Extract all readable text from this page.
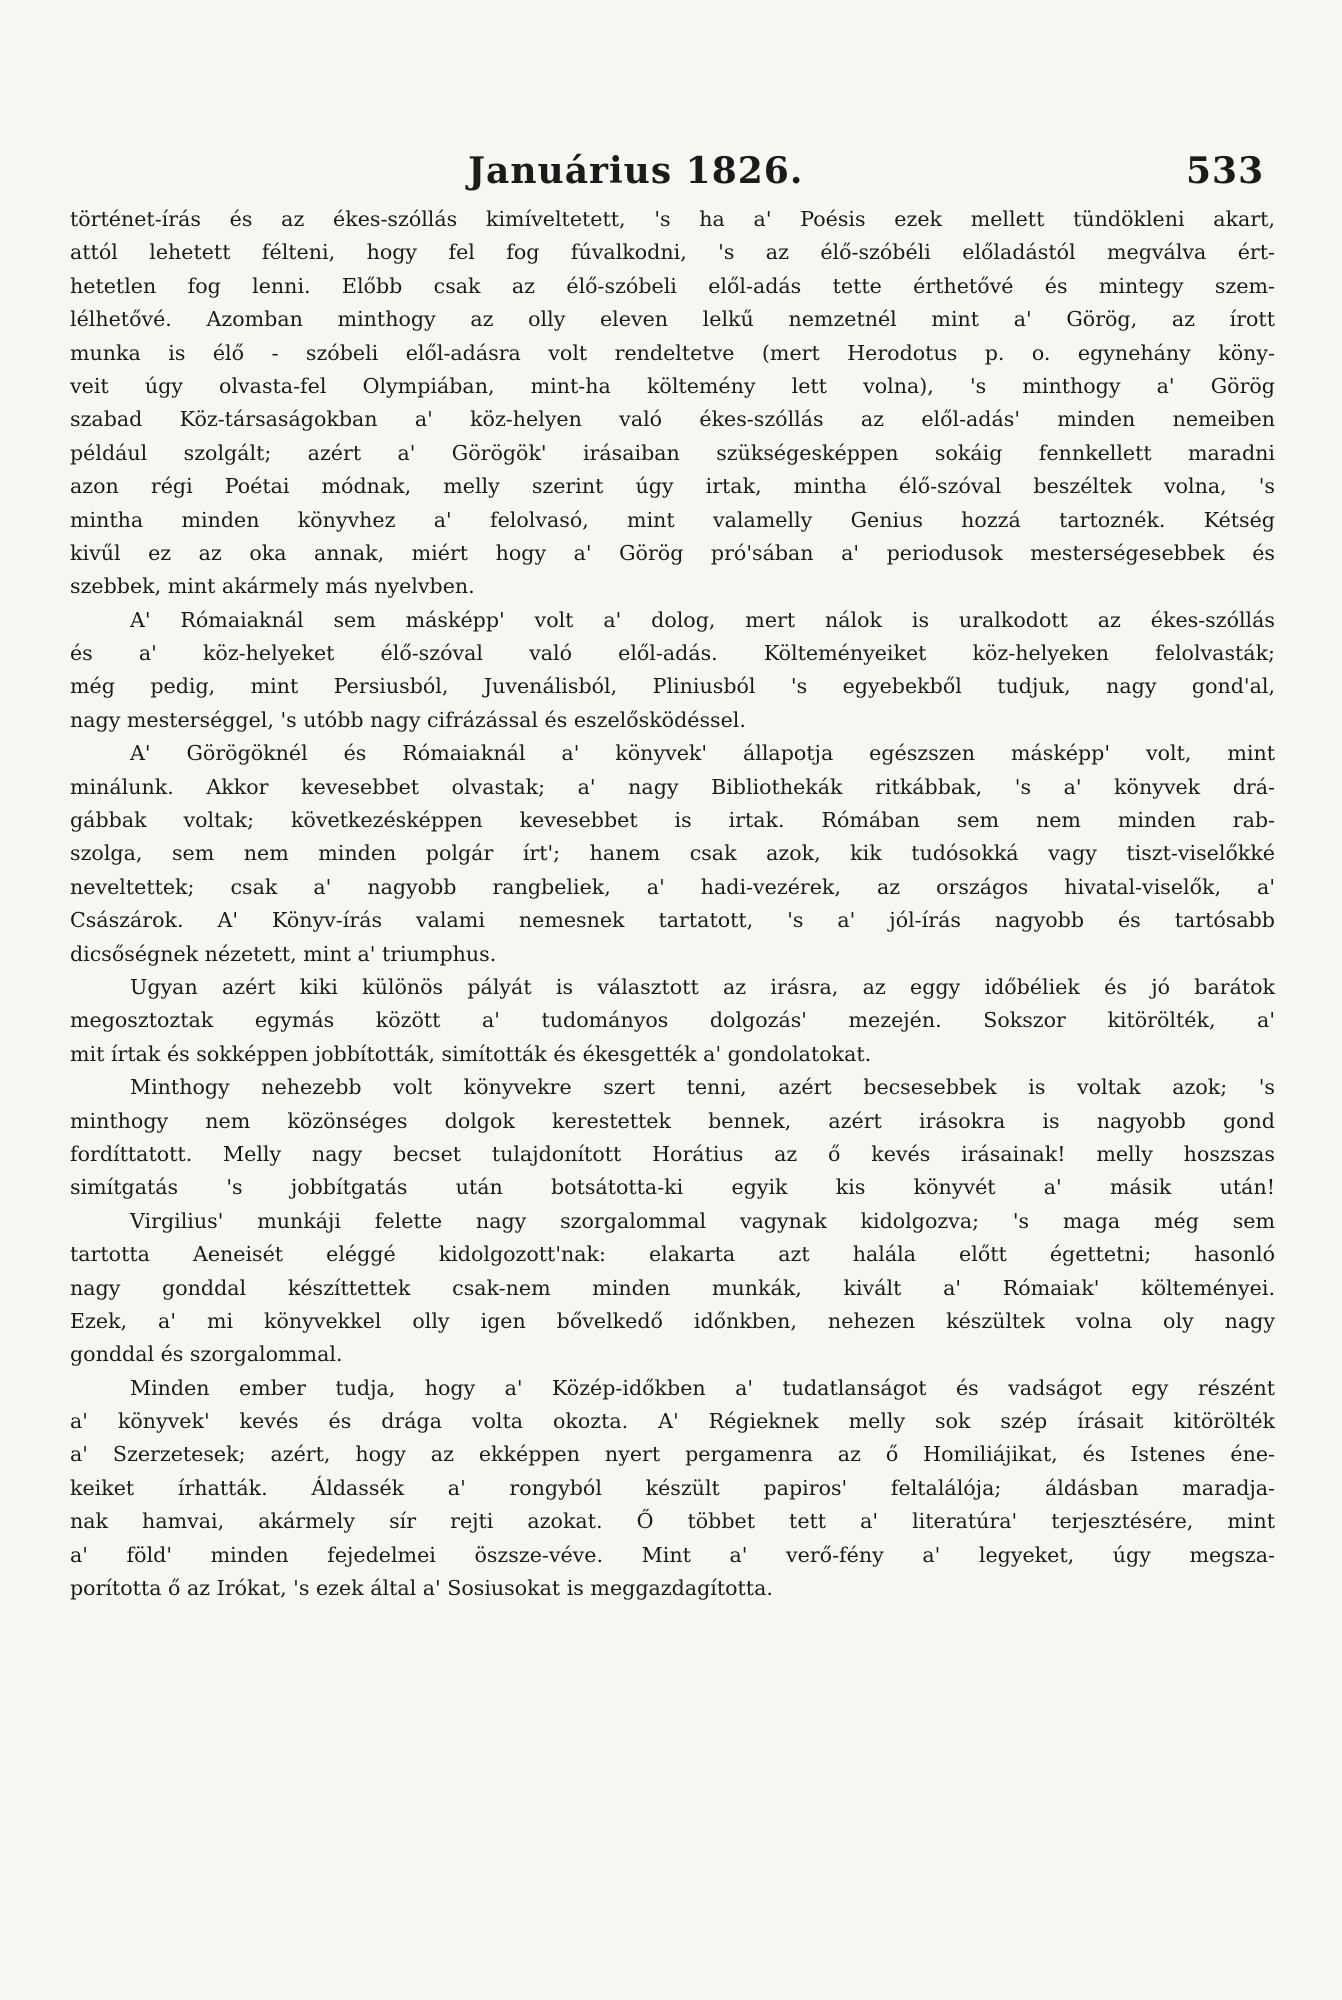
Januárius 1826.	533
történet-írás és az ékes-szóllás kimíveltetett, 's ha a' Poésis ezek mellett tündökleni akart,
attól lehetett félteni, hogy fel fog fúvalkodni, 's az élő-szóbéli előladástól megválva ért-
hetetlen fog lenni. Előbb csak az élő-szóbeli elől-adás tette érthetővé és mintegy szem-
lélhetővé. Azomban minthogy az olly eleven lelkű nemzetnél mint a' Görög, az írott
munka is élő - szóbeli elől-adásra volt rendeltetve (mert Herodotus p. o. egynehány köny-
veit úgy olvasta-fel Olympiában, mint-ha költemény lett volna), 's minthogy a' Görög
szabad Köz-társaságokban a' köz-helyen való ékes-szóllás az elől-adás' minden nemeiben
például szolgált; azért a' Görögök' irásaiban szükségesképpen sokáig fennkellett maradni
azon régi Poétai módnak, melly szerint úgy irtak, mintha élő-szóval beszéltek volna, 's
mintha minden könyvhez a' felolvasó, mint valamelly Genius hozzá tartoznék. Kétség
kivűl ez az oka annak, miért hogy a' Görög pró'sában a' periodusok mesterségesebbek és
szebbek, mint akármely más nyelvben.
A' Rómaiaknál sem másképp' volt a' dolog, mert nálok is uralkodott az ékes-szóllás
és a' köz-helyeket élő-szóval való elől-adás. Költeményeiket köz-helyeken felolvasták;
még pedig, mint Persiusból, Juvenálisból, Pliniusból 's egyebekből tudjuk, nagy gond'al,
nagy mesterséggel, 's utóbb nagy cifrázással és eszelősködéssel.
A' Görögöknél és Rómaiaknál a' könyvek' állapotja egészszen másképp' volt, mint
minálunk. Akkor kevesebbet olvastak; a' nagy Bibliothekák ritkábbak, 's a' könyvek drá-
gábbak voltak; következésképpen kevesebbet is irtak. Rómában sem nem minden rab-
szolga, sem nem minden polgár írt'; hanem csak azok, kik tudósokká vagy tiszt-viselőkké
neveltettek; csak a' nagyobb rangbeliek, a' hadi-vezérek, az országos hivatal-viselők, a'
Császárok. A' Könyv-írás valami nemesnek tartatott, 's a' jól-írás nagyobb és tartósabb
dicsőségnek nézetett, mint a' triumphus.
Ugyan azért kiki különös pályát is választott az irásra, az eggy időbéliek és jó barátok
megosztoztak egymás között a' tudományos dolgozás' mezején. Sokszor kitörölték, a'
mit írtak és sokképpen jobbították, simították és ékesgették a' gondolatokat.
Minthogy nehezebb volt könyvekre szert tenni, azért becsesebbek is voltak azok; 's
minthogy nem közönséges dolgok kerestettek bennek, azért irásokra is nagyobb gond
fordíttatott. Melly nagy becset tulajdonított Horátius az ő kevés irásainak! melly hoszszas
simítgatás 's jobbítgatás után botsátotta-ki egyik kis könyvét a' másik után!
Virgilius' munkáji felette nagy szorgalommal vagynak kidolgozva; 's maga még sem
tartotta Aeneisét eléggé kidolgozott'nak: elakarta azt halála előtt égettetni; hasonló
nagy gonddal készíttettek csak-nem minden munkák, kivált a' Rómaiak' költeményei.
Ezek, a' mi könyvekkel olly igen bővelkedő időnkben, nehezen készültek volna oly nagy
gonddal és szorgalommal.
Minden ember tudja, hogy a' Közép-időkben a' tudatlanságot és vadságot egy részént
a' könyvek' kevés és drága volta okozta. A' Régieknek melly sok szép írásait kitörölték
a' Szerzetesek; azért, hogy az ekképpen nyert pergamenra az ő Homiliájikat, és Istenes éne-
keiket írhatták. Áldassék a' rongyból készült papiros' feltalálója; áldásban maradja-
nak hamvai, akármely sír rejti azokat. Ő többet tett a' literatúra' terjesztésére, mint
a' föld' minden fejedelmei öszsze-véve. Mint a' verő-fény a' legyeket, úgy megsza-
porította ő az Irókat, 's ezek által a' Sosiusokat is meggazdagította.
